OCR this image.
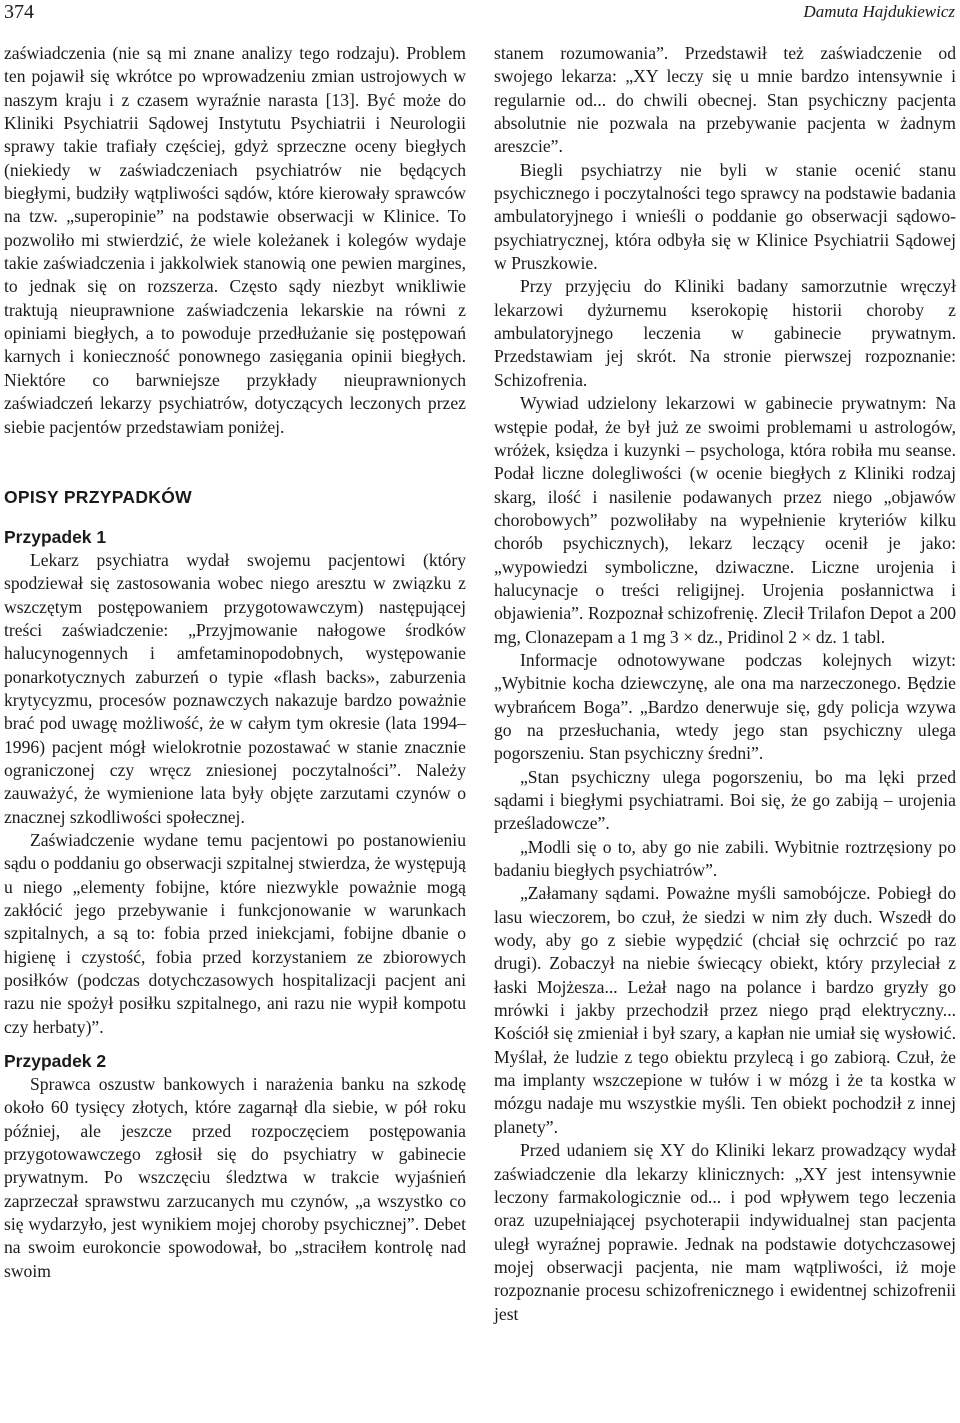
374	Damuta Hajdukiewicz

zaświadczenia (nie są mi znane analizy tego rodzaju). Problem ten pojawił się wkrótce po wprowadzeniu zmian ustrojowych w naszym kraju i z czasem wyraźnie narasta [13]. Być może do Kliniki Psychiatrii Sądowej Instytutu Psychiatrii i Neurologii sprawy takie trafiały częściej, gdyż sprzeczne oceny biegłych (niekiedy w zaświadczeniach psychiatrów nie będących biegłymi, budziły wątpliwości sądów, które kierowały sprawców na tzw. „superopinie” na podstawie obserwacji w Klinice. To pozwoliło mi stwierdzić, że wiele koleżanek i kolegów wydaje takie zaświadczenia i jakkolwiek stanowią one pewien margines, to jednak się on rozszerza. Często sądy niezbyt wnikliwie traktują nieuprawnione zaświadczenia lekarskie na równi z opiniami biegłych, a to powoduje przedłużanie się postępowań karnych i konieczność ponownego zasięgania opinii biegłych. Niektóre co barwniejsze przykłady nieuprawnionych zaświadczeń lekarzy psychiatrów, dotyczących leczonych przez siebie pacjentów przedstawiam poniżej.

OPISY PRZYPADKÓW
Przypadek 1

Lekarz psychiatra wydał swojemu pacjentowi (który spodziewał się zastosowania wobec niego aresztu w związku z wszczętym postępowaniem przygotowawczym) następującej treści zaświadczenie: „Przyjmowanie nałogowe środków halucynogennych i amfetaminopodobnych, występowanie ponarkotycznych zaburzeń o typie «flash backs», zaburzenia krytycyzmu, procesów poznawczych nakazuje bardzo poważnie brać pod uwagę możliwość, że w całym tym okresie (lata 1994–1996) pacjent mógł wielokrotnie pozostawać w stanie znacznie ograniczonej czy wręcz zniesionej poczytalności”. Należy zauważyć, że wymienione lata były objęte zarzutami czynów o znacznej szkodliwości społecznej.

Zaświadczenie wydane temu pacjentowi po postanowieniu sądu o poddaniu go obserwacji szpitalnej stwierdza, że występują u niego „elementy fobijne, które niezwykle poważnie mogą zakłócić jego przebywanie i funkcjonowanie w warunkach szpitalnych, a są to: fobia przed iniekcjami, fobijne dbanie o higienę i czystość, fobia przed korzystaniem ze zbiorowych posiłków (podczas dotychczasowych hospitalizacji pacjent ani razu nie spożył posiłku szpitalnego, ani razu nie wypił kompotu czy herbaty)”.

Przypadek 2

Sprawca oszustw bankowych i narażenia banku na szkodę około 60 tysięcy złotych, które zagarnął dla siebie, w pół roku później, ale jeszcze przed rozpoczęciem postępowania przygotowawczego zgłosił się do psychiatry w gabinecie prywatnym. Po wszczęciu śledztwa w trakcie wyjaśnień zaprzeczał sprawstwu zarzucanych mu czynów, „a wszystko co się wydarzyło, jest wynikiem mojej choroby psychicznej”. Debet na swoim eurokoncie spowodował, bo „straciłem kontrolę nad swoim

stanem rozumowania”. Przedstawił też zaświadczenie od swojego lekarza: „XY leczy się u mnie bardzo intensywnie i regularnie od... do chwili obecnej. Stan psychiczny pacjenta absolutnie nie pozwala na przebywanie pacjenta w żadnym areszcie”.

Biegli psychiatrzy nie byli w stanie ocenić stanu psychicznego i poczytalności tego sprawcy na podstawie badania ambulatoryjnego i wnieśli o poddanie go obserwacji sądowo-psychiatrycznej, która odbyła się w Klinice Psychiatrii Sądowej w Pruszkowie.

Przy przyjęciu do Kliniki badany samorzutnie wręczył lekarzowi dyżurnemu kserokopię historii choroby z ambulatoryjnego leczenia w gabinecie prywatnym. Przedstawiam jej skrót. Na stronie pierwszej rozpoznanie: Schizofrenia.

Wywiad udzielony lekarzowi w gabinecie prywatnym: Na wstępie podał, że był już ze swoimi problemami u astrologów, wróżek, księdza i kuzynki – psychologa, która robiła mu seanse. Podał liczne dolegliwości (w ocenie biegłych z Kliniki rodzaj skarg, ilość i nasilenie podawanych przez niego „objawów chorobowych” pozwoliłaby na wypełnienie kryteriów kilku chorób psychicznych), lekarz leczący ocenił je jako: „wypowiedzi symboliczne, dziwaczne. Liczne urojenia i halucynacje o treści religijnej. Urojenia posłannictwa i objawienia”. Rozpoznał schizofrenię. Zlecił Trilafon Depot a 200 mg, Clonazepam a 1 mg 3 × dz., Pridinol 2 × dz. 1 tabl.

Informacje odnotowywane podczas kolejnych wizyt: „Wybitnie kocha dziewczynę, ale ona ma narzeczonego. Będzie wybrańcem Boga”. „Bardzo denerwuje się, gdy policja wzywa go na przesłuchania, wtedy jego stan psychiczny ulega pogorszeniu. Stan psychiczny średni”.

„Stan psychiczny ulega pogorszeniu, bo ma lęki przed sądami i biegłymi psychiatrami. Boi się, że go zabiją – urojenia prześladowcze”.

„Modli się o to, aby go nie zabili. Wybitnie roztrzęsiony po badaniu biegłych psychiatrów”.

„Załamany sądami. Poważne myśli samobójcze. Pobiegł do lasu wieczorem, bo czuł, że siedzi w nim zły duch. Wszedł do wody, aby go z siebie wypędzić (chciał się ochrzcić po raz drugi). Zobaczył na niebie świecący obiekt, który przyleciał z łaski Mojżesza... Leżał nago na polance i bardzo gryzły go mrówki i jakby przechodził przez niego prąd elektryczny... Kościół się zmieniał i był szary, a kapłan nie umiał się wysłowić. Myślał, że ludzie z tego obiektu przylecą i go zabiorą. Czuł, że ma implanty wszczepione w tułów i w mózg i że ta kostka w mózgu nadaje mu wszystkie myśli. Ten obiekt pochodził z innej planety”.

Przed udaniem się XY do Kliniki lekarz prowadzący wydał zaświadczenie dla lekarzy klinicznych: „XY jest intensywnie leczony farmakologicznie od... i pod wpływem tego leczenia oraz uzupełniającej psychoterapii indywidualnej stan pacjenta uległ wyraźnej poprawie. Jednak na podstawie dotychczasowej mojej obserwacji pacjenta, nie mam wątpliwości, iż moje rozpoznanie procesu schizofrenicznego i ewidentnej schizofrenii jest
